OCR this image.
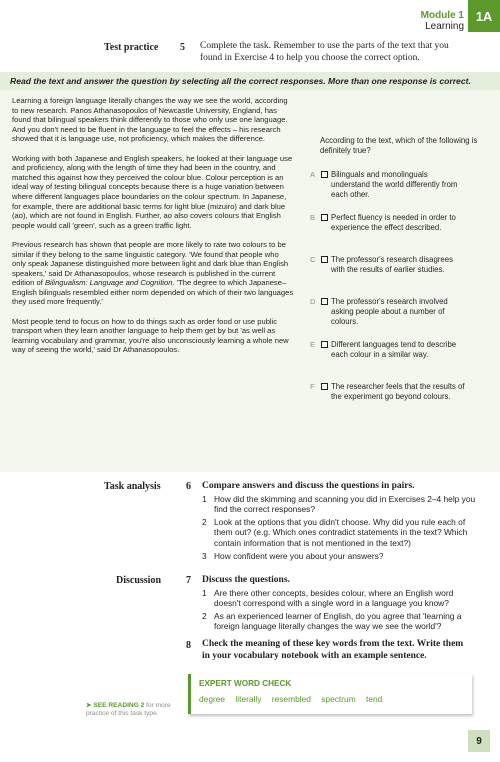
Module 1
Learning
1A
Test practice 5 Complete the task. Remember to use the parts of the text that you
found in Exercise 4 to help you choose the correct option.
Read the text and answer the question by selecting all the correct responses. More than one response is correct.

Learning a foreign language literally changes the way we see the world, according to new research. Panos Athanasopoulos of Newcastle University, England, has found that bilingual speakers think differently to those who only use one language. And you don't need to be fluent in the language to feel the effects – his research showed that it is language use, not proficiency, which makes the difference.

Working with both Japanese and English speakers, he looked at their language use and proficiency, along with the length of time they had been in the country, and matched this against how they perceived the colour blue. Colour perception is an ideal way of testing bilingual concepts because there is a huge variation between where different languages place boundaries on the colour spectrum. In Japanese, for example, there are additional basic terms for light blue (mizuiro) and dark blue (ao), which are not found in English. Further, ao also covers colours that English people would call 'green', such as a green traffic light.

Previous research has shown that people are more likely to rate two colours to be similar if they belong to the same linguistic category. 'We found that people who only speak Japanese distinguished more between light and dark blue than English speakers,' said Dr Athanasopoulos, whose research is published in the current edition of Bilingualism: Language and Cognition. 'The degree to which Japanese–English bilinguals resembled either norm depended on which of their two languages they used more frequently.'

Most people tend to focus on how to do things such as order food or use public transport when they learn another language to help them get by but 'as well as learning vocabulary and grammar, you're also unconsciously learning a whole new way of seeing the world,' said Dr Athanasopoulos.

According to the text, which of the following is definitely true?
A	Bilinguals and monolinguals understand the world differently from each other.
B	Perfect fluency is needed in order to experience the effect described.
C	The professor's research disagrees with the results of earlier studies.
D	The professor's research involved asking people about a number of colours.
E	Different languages tend to describe each colour in a similar way.
F	The researcher feels that the results of the experiment go beyond colours.
Task analysis	6 Compare answers and discuss the questions in pairs.
1 How did the skimming and scanning you did in Exercises 2–4 help you find the correct responses?
2 Look at the options that you didn't choose. Why did you rule each of them out? (e.g. Which ones contradict statements in the text? Which contain information that is not mentioned in the text?)
3 How confident were you about your answers?
Discussion 7 Discuss the questions.
1 Are there other concepts, besides colour, where an English word doesn't correspond with a single word in a language you know?
2 As an experienced learner of English, do you agree that 'learning a foreign language literally changes the way we see the world'?
8 Check the meaning of these key words from the text. Write them
in your vocabulary notebook with an example sentence.
EXPERT WORD CHECK
degree literally resembled spectrum tend
➤ SEE READING 2 for more practice of this task type.
9
